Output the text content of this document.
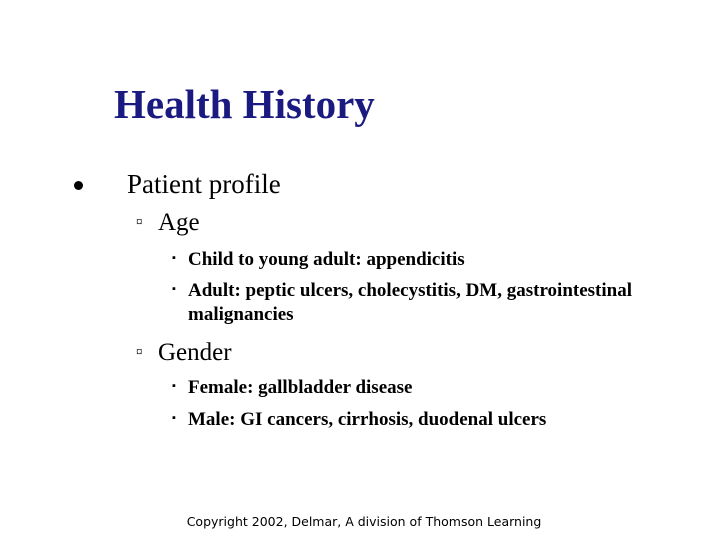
Health History
Patient profile
¤ Age
▪ Child to young adult: appendicitis
▪ Adult: peptic ulcers, cholecystitis, DM, gastrointestinal malignancies
¤ Gender
▪ Female: gallbladder disease
▪ Male: GI cancers, cirrhosis, duodenal ulcers
Copyright 2002, Delmar, A division of Thomson Learning
